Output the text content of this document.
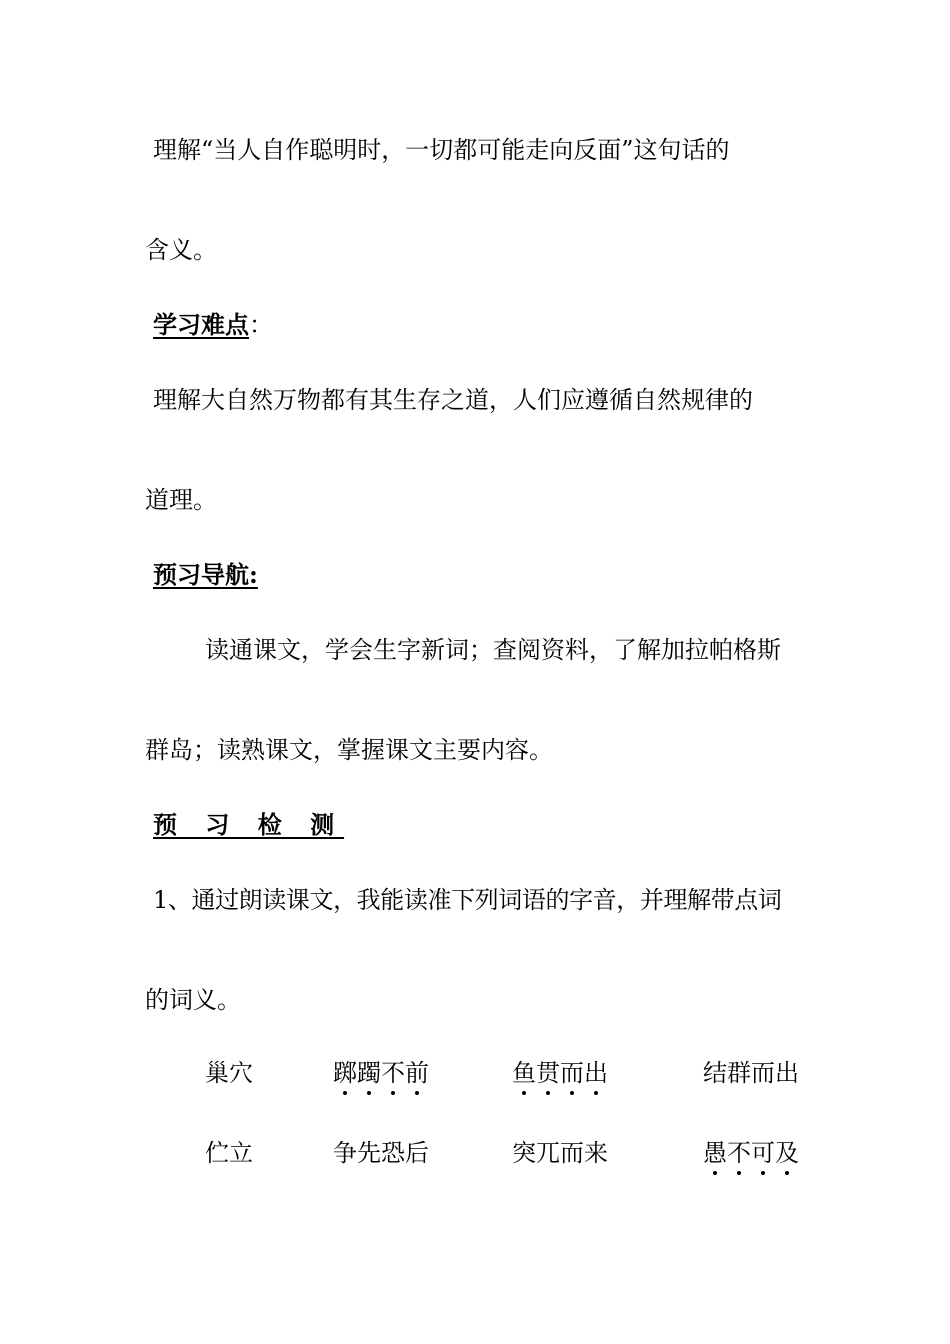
理解“当人自作聪明时，一切都可能走向反面”这句话的
含义。
学习难点：
理解大自然万物都有其生存之道，人们应遵循自然规律的
道理。
预习导航:
读通课文，学会生字新词；查阅资料，了解加拉帕格斯
群岛；读熟课文，掌握课文主要内容。
预 习 检 测
1、通过朗读课文，我能读准下列词语的字音，并理解带点词
的词义。
巢穴	踯躅不前	鱼贯而出	结群而出
伫立	争先恐后	突兀而来	愚不可及
